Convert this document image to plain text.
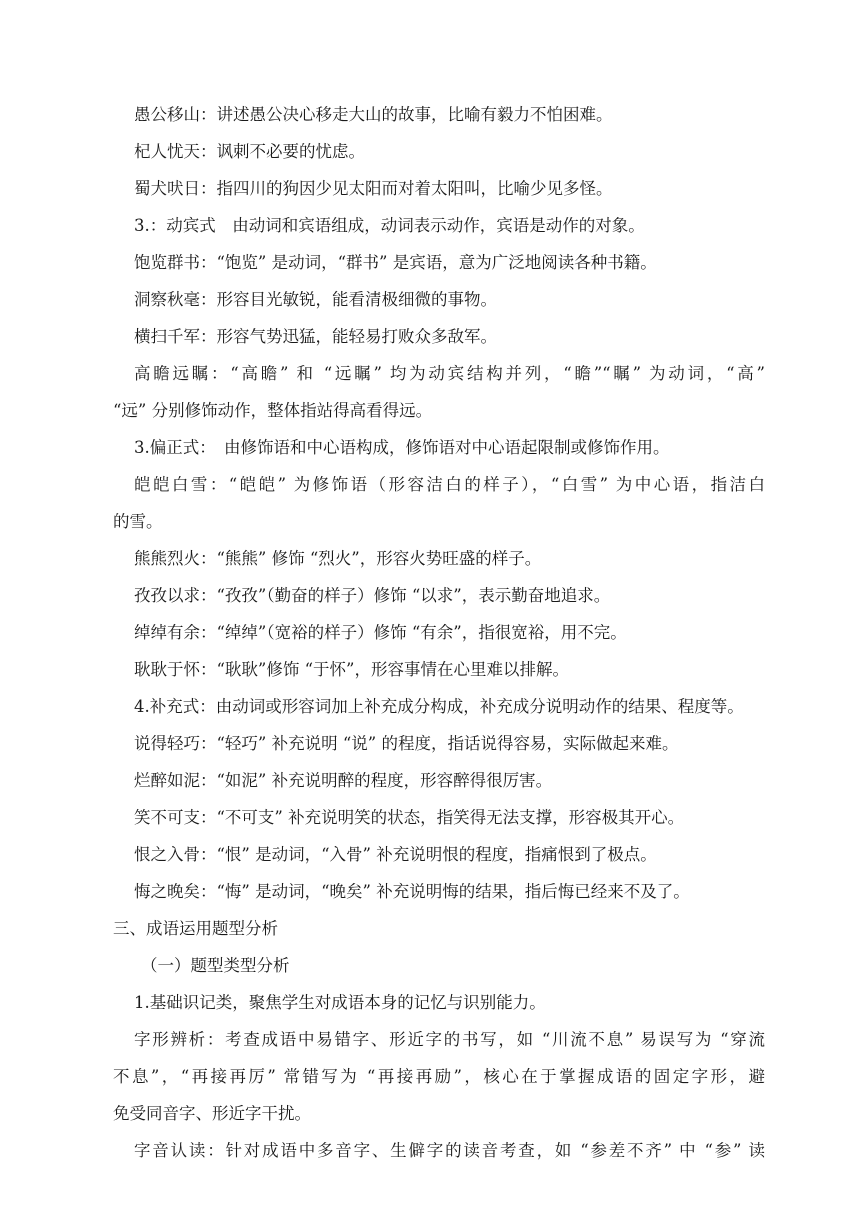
愚公移山：讲述愚公决心移走大山的故事，比喻有毅力不怕困难。
杞人忧天：讽刺不必要的忧虑。
蜀犬吠日：指四川的狗因少见太阳而对着太阳叫，比喻少见多怪。
3.：动宾式　由动词和宾语组成，动词表示动作，宾语是动作的对象。
饱览群书：“饱览” 是动词，“群书” 是宾语，意为广泛地阅读各种书籍。
洞察秋毫：形容目光敏锐，能看清极细微的事物。
横扫千军：形容气势迅猛，能轻易打败众多敌军。
高瞻远瞩：“高瞻” 和 “远瞩” 均为动宾结构并列，“瞻”“瞩” 为动词，“高”
“远” 分别修饰动作，整体指站得高看得远。
3.偏正式：　由修饰语和中心语构成，修饰语对中心语起限制或修饰作用。
皑皑白雪：“皑皑” 为修饰语（形容洁白的样子），“白雪” 为中心语，指洁白
的雪。
熊熊烈火：“熊熊” 修饰 “烈火”，形容火势旺盛的样子。
孜孜以求：“孜孜”（勤奋的样子）修饰 “以求”，表示勤奋地追求。
绰绰有余：“绰绰”（宽裕的样子）修饰 “有余”，指很宽裕，用不完。
耿耿于怀：“耿耿”修饰 “于怀”，形容事情在心里难以排解。
4.补充式：由动词或形容词加上补充成分构成，补充成分说明动作的结果、程度等。
说得轻巧：“轻巧” 补充说明 “说” 的程度，指话说得容易，实际做起来难。
烂醉如泥：“如泥” 补充说明醉的程度，形容醉得很厉害。
笑不可支：“不可支” 补充说明笑的状态，指笑得无法支撑，形容极其开心。
恨之入骨：“恨” 是动词，“入骨” 补充说明恨的程度，指痛恨到了极点。
悔之晚矣：“悔” 是动词，“晚矣” 补充说明悔的结果，指后悔已经来不及了。
三、成语运用题型分析
（一）题型类型分析
1.基础识记类，聚焦学生对成语本身的记忆与识别能力。
字形辨析：考查成语中易错字、形近字的书写，如 “川流不息” 易误写为 “穿流
不息”，“再接再厉” 常错写为 “再接再励”，核心在于掌握成语的固定字形，避
免受同音字、形近字干扰。
字音认读：针对成语中多音字、生僻字的读音考查，如 “参差不齐” 中 “参” 读
